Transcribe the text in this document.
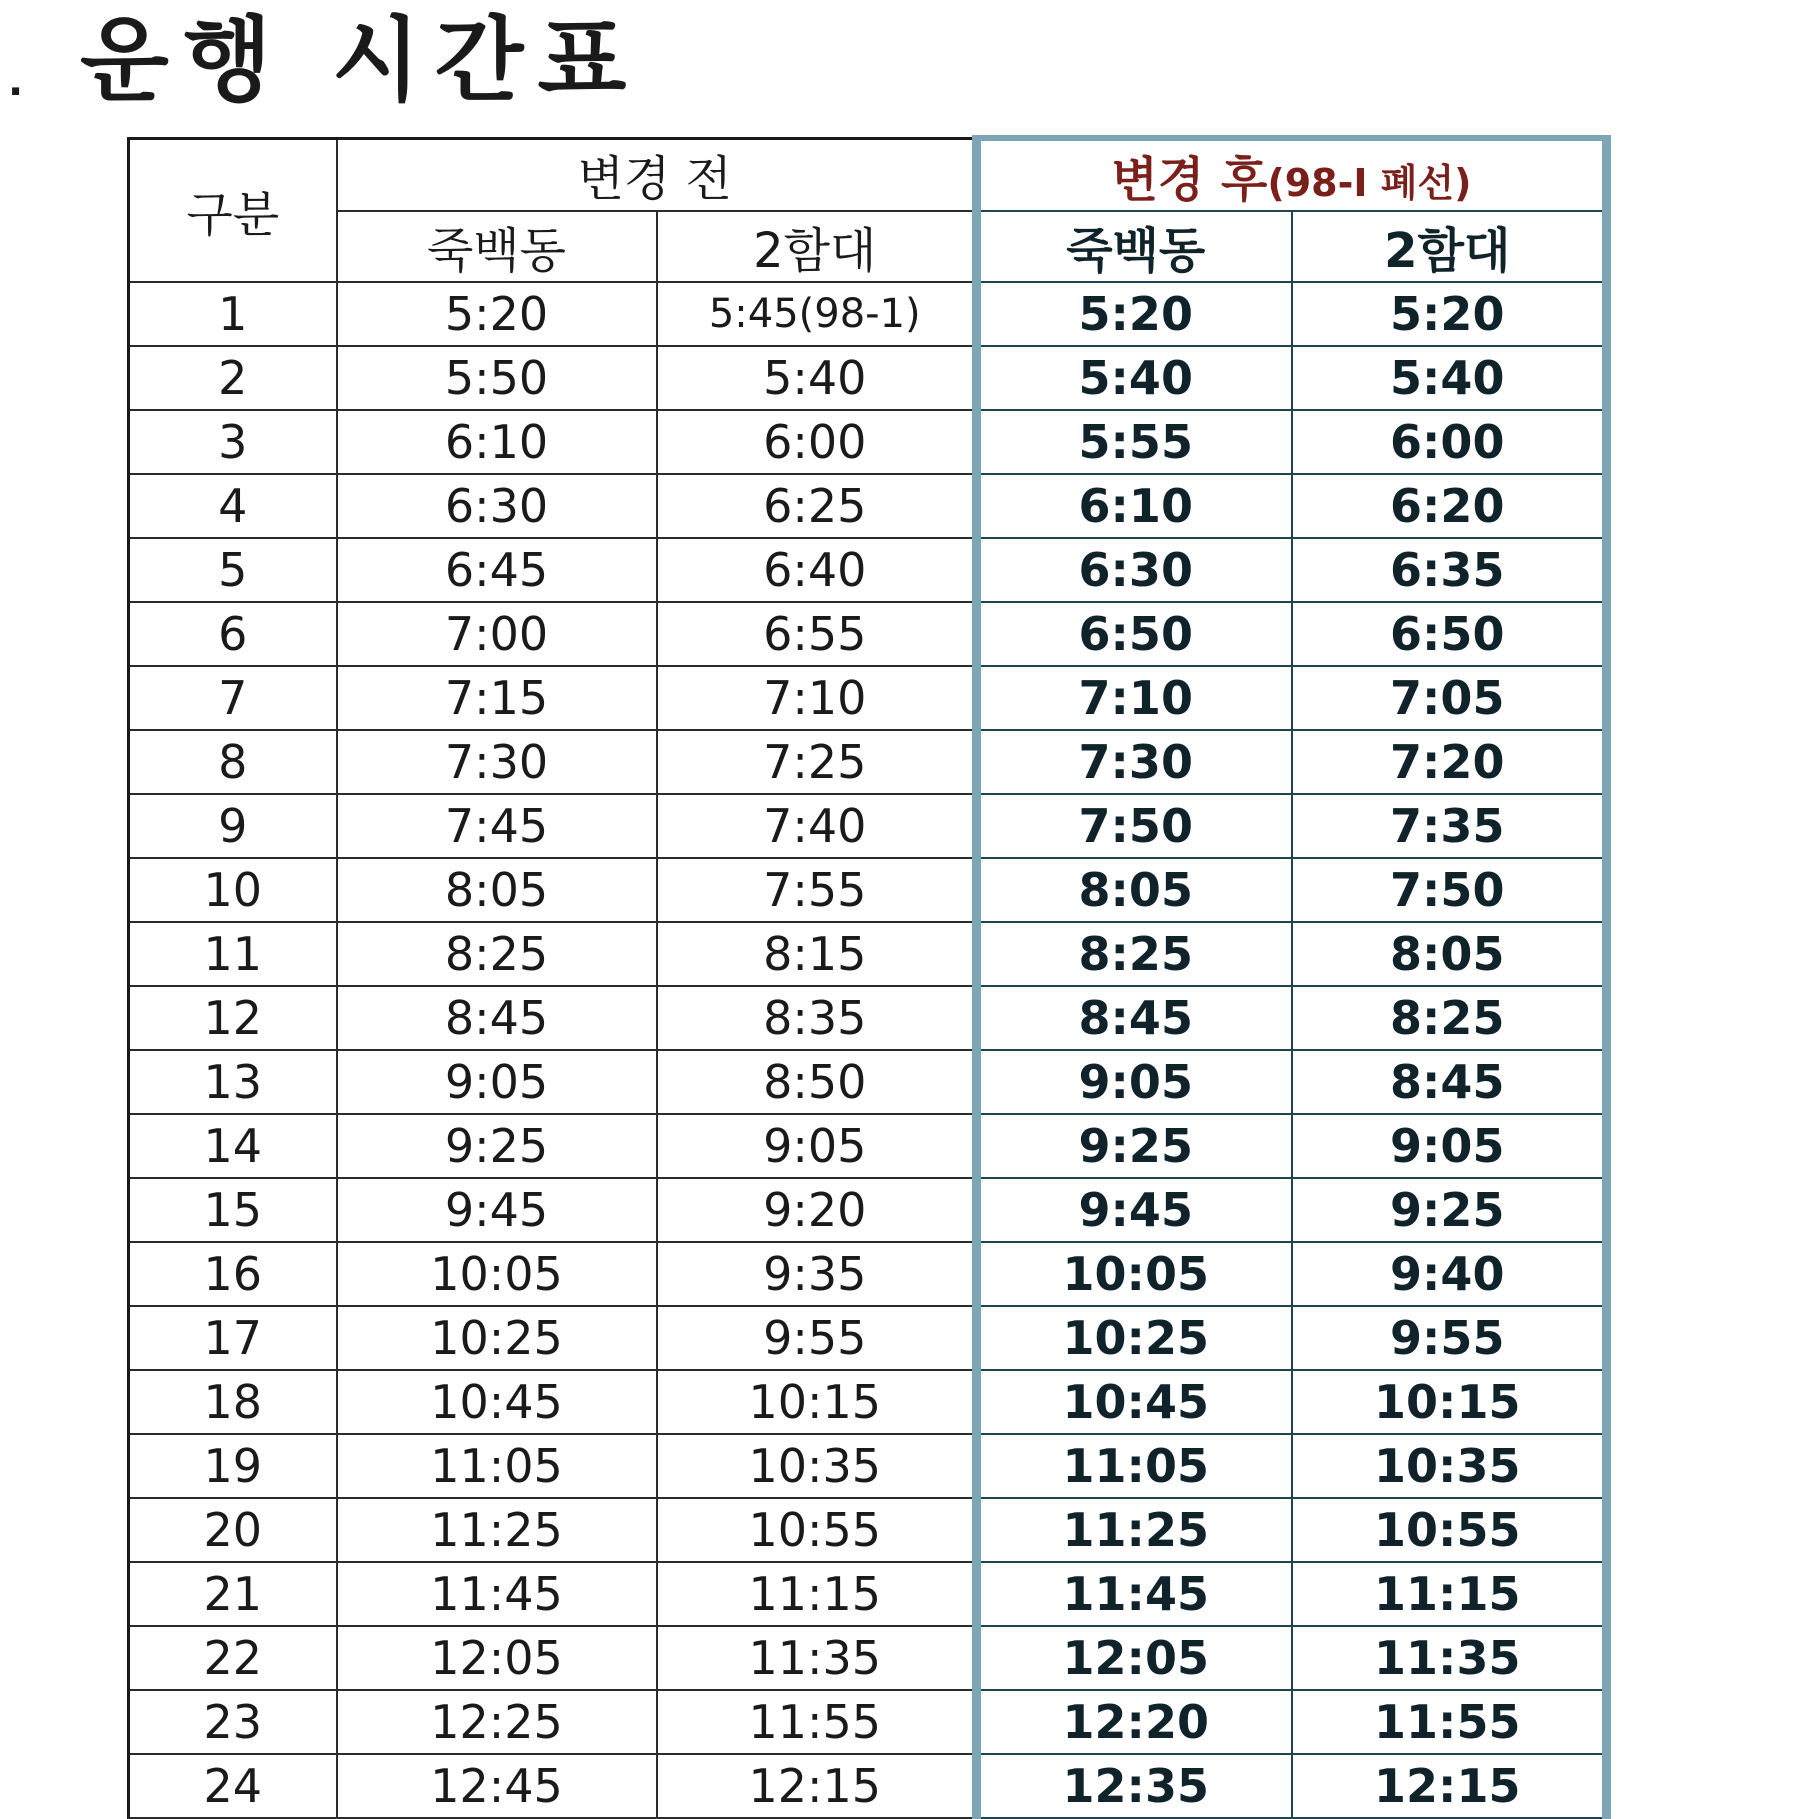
. 운행 시간표
구분	변경 전		변경 후(98-I 폐선)	
	죽백동	2함대	죽백동	2함대
1	5:20	5:45(98-1)	5:20	5:20
2	5:50	5:40	5:40	5:40
3	6:10	6:00	5:55	6:00
4	6:30	6:25	6:10	6:20
5	6:45	6:40	6:30	6:35
6	7:00	6:55	6:50	6:50
7	7:15	7:10	7:10	7:05
8	7:30	7:25	7:30	7:20
9	7:45	7:40	7:50	7:35
10	8:05	7:55	8:05	7:50
11	8:25	8:15	8:25	8:05
12	8:45	8:35	8:45	8:25
13	9:05	8:50	9:05	8:45
14	9:25	9:05	9:25	9:05
15	9:45	9:20	9:45	9:25
16	10:05	9:35	10:05	9:40
17	10:25	9:55	10:25	9:55
18	10:45	10:15	10:45	10:15
19	11:05	10:35	11:05	10:35
20	11:25	10:55	11:25	10:55
21	11:45	11:15	11:45	11:15
22	12:05	11:35	12:05	11:35
23	12:25	11:55	12:20	11:55
24	12:45	12:15	12:35	12:15
